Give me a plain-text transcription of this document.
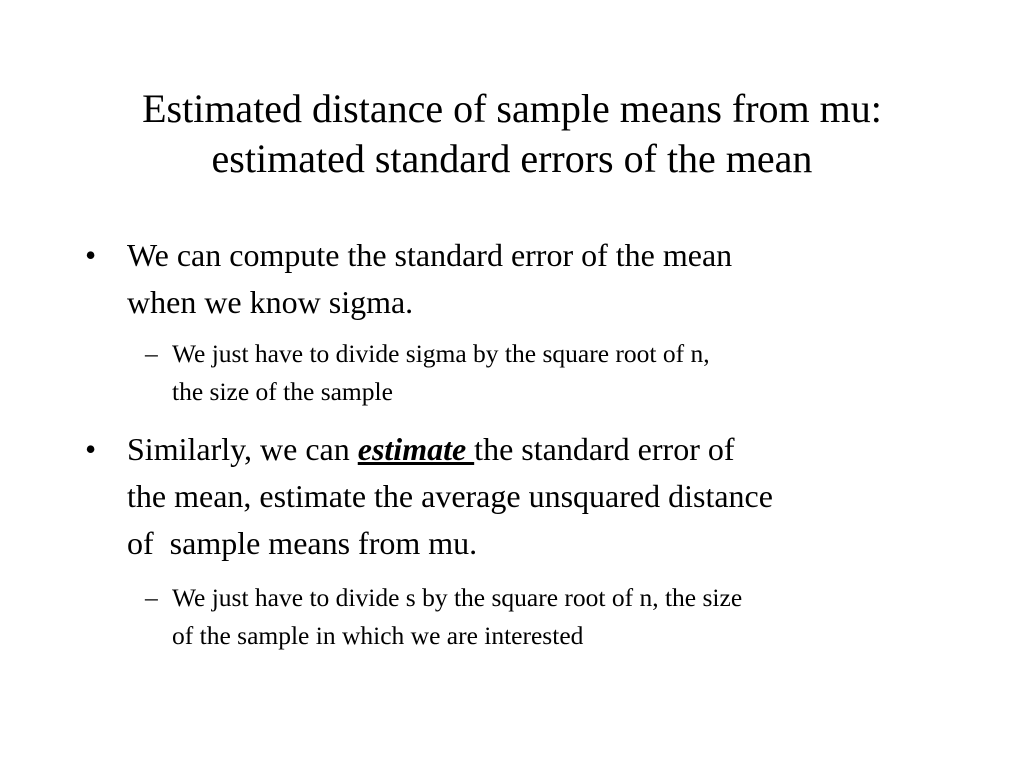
Estimated distance of sample means from mu:
estimated standard errors of the mean
• We can compute the standard error of the mean
when we know sigma.
– We just have to divide sigma by the square root of n,
the size of the sample
• Similarly, we can estimate the standard error of
the mean, estimate the average unsquared distance
of  sample means from mu.
– We just have to divide s by the square root of n, the size
of the sample in which we are interested
